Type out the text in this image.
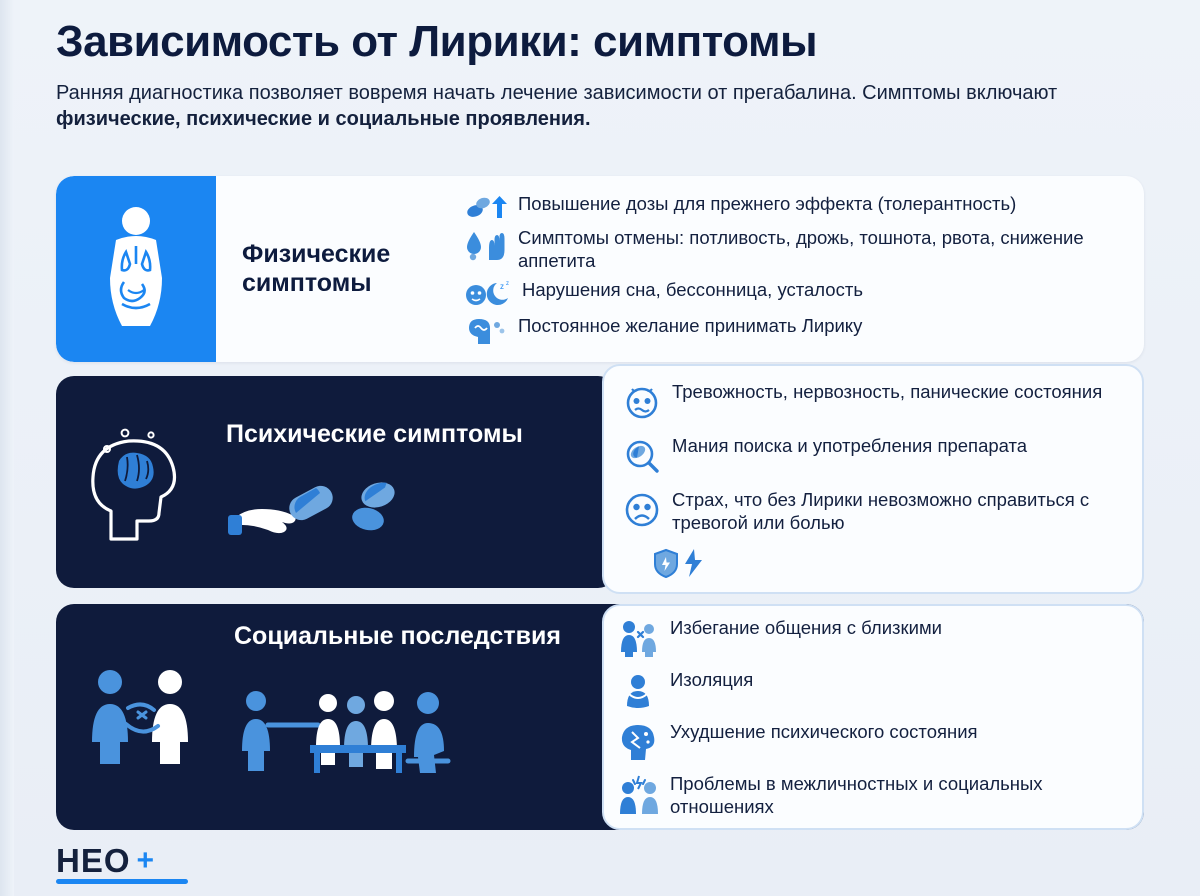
Зависимость от Лирики: симптомы
Ранняя диагностика позволяет вовремя начать лечение зависимости от прегабалина. Симптомы включают физические, психические и социальные проявления.
Физические
симптомы
Повышение дозы для прежнего эффекта (толерантность)
Симптомы отмены: потливость, дрожь, тошнота, рвота, снижение аппетита
z z Нарушения сна, бессонница, усталость
Постоянное желание принимать Лирику
Психические симптомы
Тревожность, нервозность, панические состояния
Мания поиска и употребления препарата
Страх, что без Лирики невозможно справиться с тревогой или болью
Социальные последствия	Избегание общения с близкими
Изоляция
Ухудшение психического состояния
Проблемы в межличностных и социальных отношениях
НЕО +
